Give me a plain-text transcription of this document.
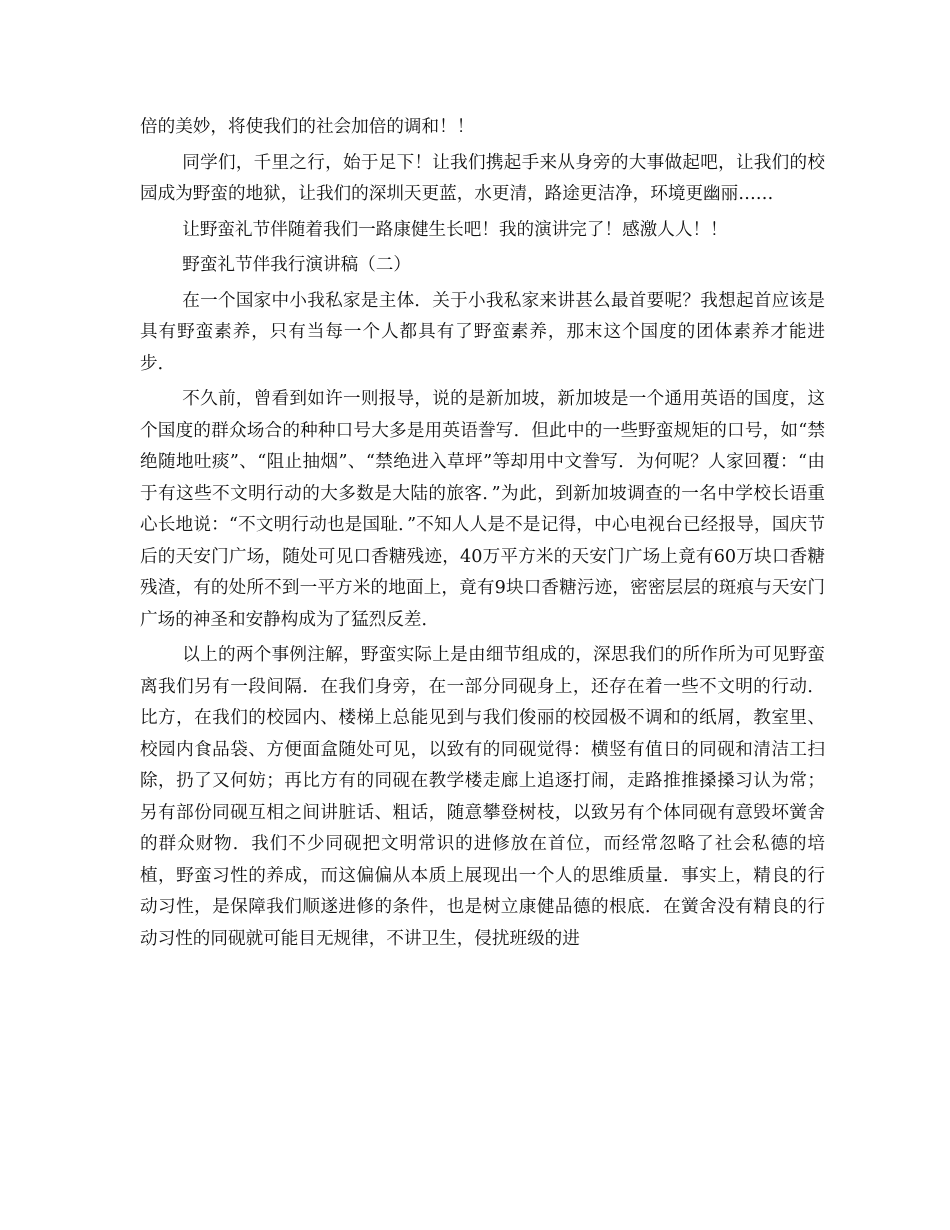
倍的美妙，将使我们的社会加倍的调和！！

同学们，千里之行，始于足下！让我们携起手来从身旁的大事做起吧，让我们的校园成为野蛮的地狱，让我们的深圳天更蓝，水更清，路途更洁净，环境更幽丽……

让野蛮礼节伴随着我们一路康健生长吧！我的演讲完了！感激人人！！

野蛮礼节伴我行演讲稿（二）

在一个国家中小我私家是主体．关于小我私家来讲甚么最首要呢？我想起首应该是具有野蛮素养，只有当每一个人都具有了野蛮素养，那末这个国度的团体素养才能进步．

不久前，曾看到如许一则报导，说的是新加坡，新加坡是一个通用英语的国度，这个国度的群众场合的种种口号大多是用英语誊写．但此中的一些野蛮规矩的口号，如“禁绝随地吐痰”、“阻止抽烟”、“禁绝进入草坪”等却用中文誊写．为何呢？人家回覆：“由于有这些不文明行动的大多数是大陆的旅客．”为此，到新加坡调查的一名中学校长语重心长地说：“不文明行动也是国耻．”不知人人是不是记得，中心电视台已经报导，国庆节后的天安门广场，随处可见口香糖残迹，40万平方米的天安门广场上竟有60万块口香糖残渣，有的处所不到一平方米的地面上，竟有9块口香糖污迹，密密层层的斑痕与天安门广场的神圣和安静构成为了猛烈反差．

以上的两个事例注解，野蛮实际上是由细节组成的，深思我们的所作所为可见野蛮离我们另有一段间隔．在我们身旁，在一部分同砚身上，还存在着一些不文明的行动．比方，在我们的校园内、楼梯上总能见到与我们俊丽的校园极不调和的纸屑，教室里、校园内食品袋、方便面盒随处可见，以致有的同砚觉得：横竖有值日的同砚和清洁工扫除，扔了又何妨；再比方有的同砚在教学楼走廊上追逐打闹，走路推推搡搡习认为常；另有部份同砚互相之间讲脏话、粗话，随意攀登树枝，以致另有个体同砚有意毁坏黉舍的群众财物．我们不少同砚把文明常识的进修放在首位，而经常忽略了社会私德的培植，野蛮习性的养成，而这偏偏从本质上展现出一个人的思维质量．事实上，精良的行动习性，是保障我们顺遂进修的条件，也是树立康健品德的根底．在黉舍没有精良的行动习性的同砚就可能目无规律，不讲卫生，侵扰班级的进
